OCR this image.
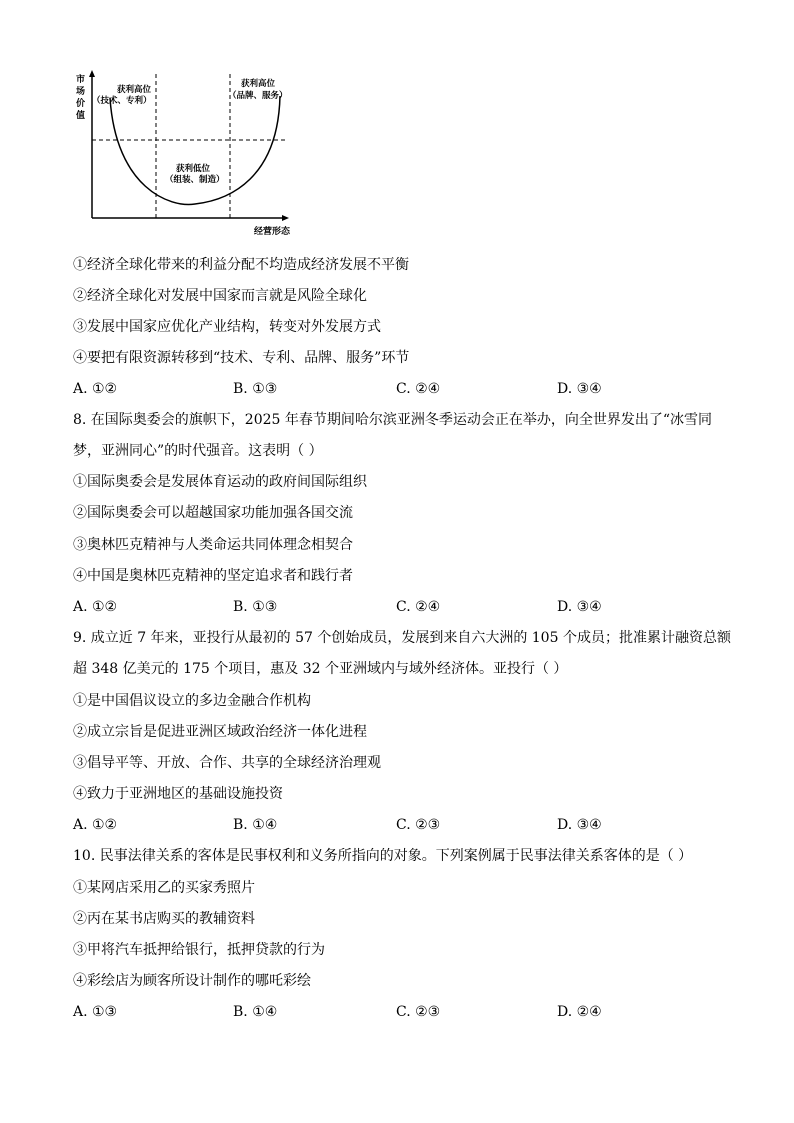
市
场
价
值
经营形态
获利高位
（技术、专利）
获利高位
（品牌、服务）
获利低位
（组装、制造）
①经济全球化带来的利益分配不均造成经济发展不平衡
②经济全球化对发展中国家而言就是风险全球化
③发展中国家应优化产业结构，转变对外发展方式
④要把有限资源转移到“技术、专利、品牌、服务”环节
A. ①②	B. ①③	C. ②④	D. ③④
8. 在国际奥委会的旗帜下，2025 年春节期间哈尔滨亚洲冬季运动会正在举办，向全世界发出了“冰雪同
梦，亚洲同心”的时代强音。这表明（ ）
①国际奥委会是发展体育运动的政府间国际组织
②国际奥委会可以超越国家功能加强各国交流
③奥林匹克精神与人类命运共同体理念相契合
④中国是奥林匹克精神的坚定追求者和践行者
A. ①②	B. ①③	C. ②④	D. ③④
9. 成立近 7 年来，亚投行从最初的 57 个创始成员，发展到来自六大洲的 105 个成员；批准累计融资总额
超 348 亿美元的 175 个项目，惠及 32 个亚洲域内与域外经济体。亚投行（ ）
①是中国倡议设立的多边金融合作机构
②成立宗旨是促进亚洲区域政治经济一体化进程
③倡导平等、开放、合作、共享的全球经济治理观
④致力于亚洲地区的基础设施投资
A. ①②	B. ①④	C. ②③	D. ③④
10. 民事法律关系的客体是民事权利和义务所指向的对象。下列案例属于民事法律关系客体的是（ ）
①某网店采用乙的买家秀照片
②丙在某书店购买的教辅资料
③甲将汽车抵押给银行，抵押贷款的行为
④彩绘店为顾客所设计制作的哪吒彩绘
A. ①③	B. ①④	C. ②③	D. ②④
